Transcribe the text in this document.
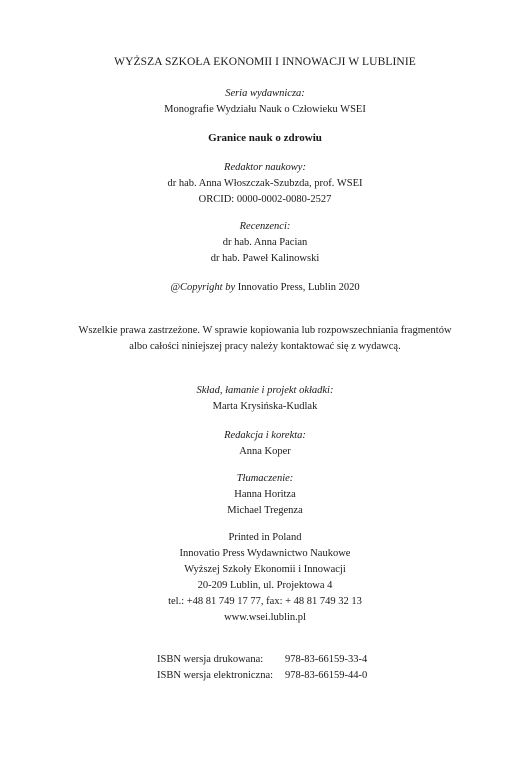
WYŻSZA SZKOŁA EKONOMII I INNOWACJI W LUBLINIE
Seria wydawnicza:
Monografie Wydziału Nauk o Człowieku WSEI
Granice nauk o zdrowiu
Redaktor naukowy:
dr hab. Anna Włoszczak-Szubzda, prof. WSEI
ORCID: 0000-0002-0080-2527
Recenzenci:
dr hab. Anna Pacian
dr hab. Paweł Kalinowski
@Copyright by Innovatio Press, Lublin 2020
Wszelkie prawa zastrzeżone. W sprawie kopiowania lub rozpowszechniania fragmentów
albo całości niniejszej pracy należy kontaktować się z wydawcą.
Skład, łamanie i projekt okładki:
Marta Krysińska-Kudlak
Redakcja i korekta:
Anna Koper
Tłumaczenie:
Hanna Horitza
Michael Tregenza
Printed in Poland
Innovatio Press Wydawnictwo Naukowe
Wyższej Szkoły Ekonomii i Innowacji
20-209 Lublin, ul. Projektowa 4
tel.: +48 81 749 17 77, fax: + 48 81 749 32 13
www.wsei.lublin.pl
ISBN wersja drukowana:	978-83-66159-33-4
ISBN wersja elektroniczna:	978-83-66159-44-0
